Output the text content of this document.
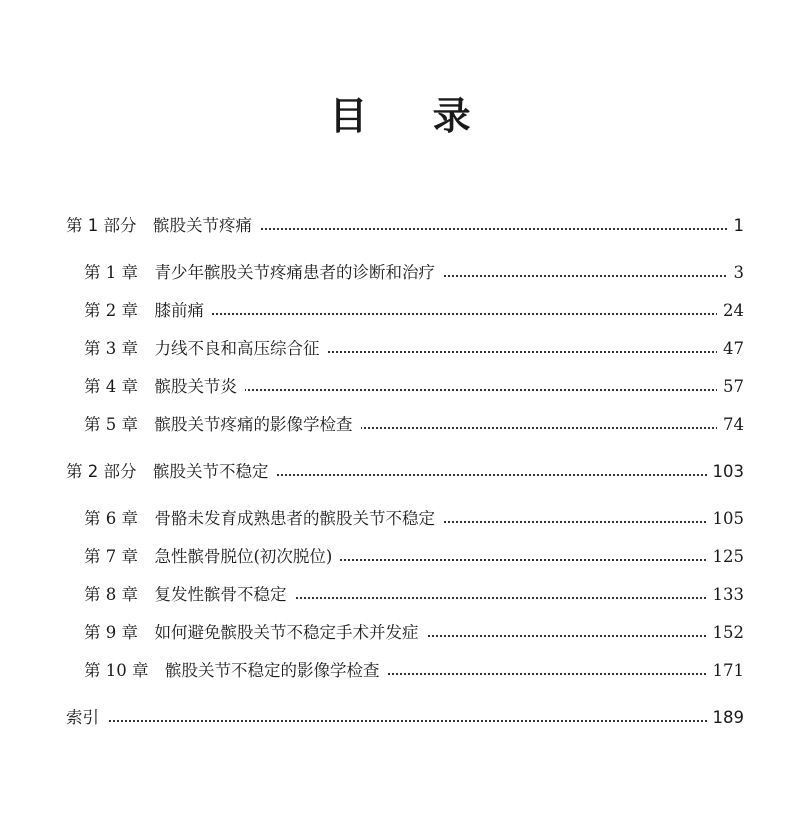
目 录
第 1 部分　髌股关节疼痛	1
第 1 章　青少年髌股关节疼痛患者的诊断和治疗	3
第 2 章　膝前痛	24
第 3 章　力线不良和高压综合征	47
第 4 章　髌股关节炎	57
第 5 章　髌股关节疼痛的影像学检查	74
第 2 部分　髌股关节不稳定	103
第 6 章　骨骼未发育成熟患者的髌股关节不稳定	105
第 7 章　急性髌骨脱位(初次脱位)	125
第 8 章　复发性髌骨不稳定	133
第 9 章　如何避免髌股关节不稳定手术并发症	152
第 10 章　髌股关节不稳定的影像学检查	171
索引	189
